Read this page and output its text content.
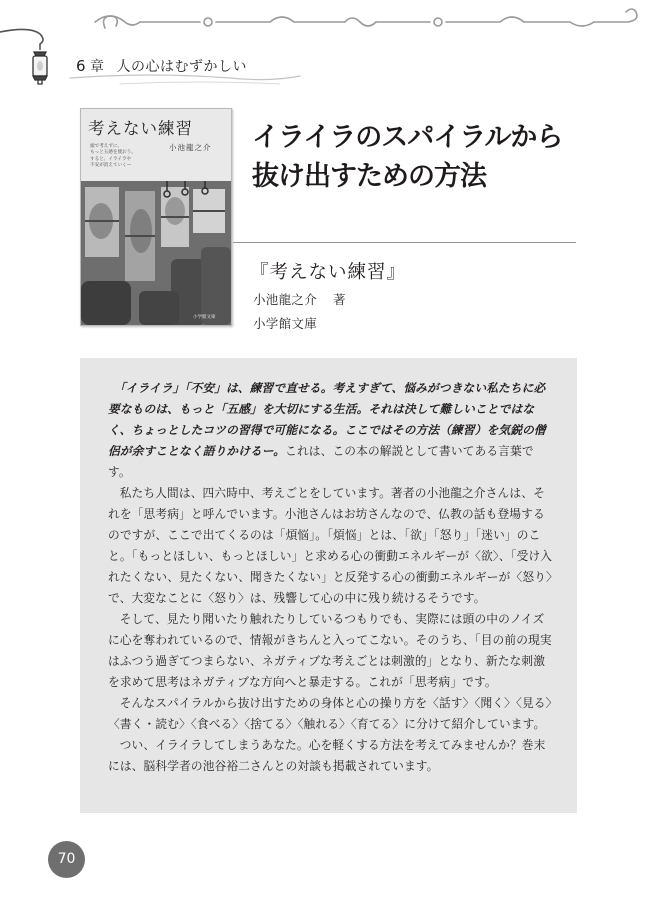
6 章 人の心はむずかしい
考えない練習
小池龍之介
頭で考えずに、
もっと五感を使おう。
すると、イライラや
不安が消えていく—
小学館文庫
イライラのスパイラルから
抜け出すための方法
『考えない練習』
小池龍之介 著
小学館文庫

「イライラ」「不安」は、練習で直せる。考えすぎて、悩みがつきない私たちに必要なものは、もっと「五感」を大切にする生活。それは決して難しいことではなく、ちょっとしたコツの習得で可能になる。ここではその方法（練習）を気鋭の僧侶が余すことなく語りかけるー。これは、この本の解説として書いてある言葉です。

私たち人間は、四六時中、考えごとをしています。著者の小池龍之介さんは、それを「思考病」と呼んでいます。小池さんはお坊さんなので、仏教の話も登場するのですが、ここで出てくるのは「煩悩」。「煩悩」とは、「欲」「怒り」「迷い」のこと。「もっとほしい、もっとほしい」と求める心の衝動エネルギーが〈欲〉、「受け入れたくない、見たくない、聞きたくない」と反発する心の衝動エネルギーが〈怒り〉で、大変なことに〈怒り〉は、残響して心の中に残り続けるそうです。

そして、見たり聞いたり触れたりしているつもりでも、実際には頭の中のノイズに心を奪われているので、情報がきちんと入ってこない。そのうち、「目の前の現実はふつう過ぎてつまらない、ネガティブな考えごとは刺激的」となり、新たな刺激を求めて思考はネガティブな方向へと暴走する。これが「思考病」です。

そんなスパイラルから抜け出すための身体と心の操り方を〈話す〉〈聞く〉〈見る〉〈書く・読む〉〈食べる〉〈捨てる〉〈触れる〉〈育てる〉に分けて紹介しています。

つい、イライラしてしまうあなた。心を軽くする方法を考えてみませんか？巻末には、脳科学者の池谷裕二さんとの対談も掲載されています。

70
